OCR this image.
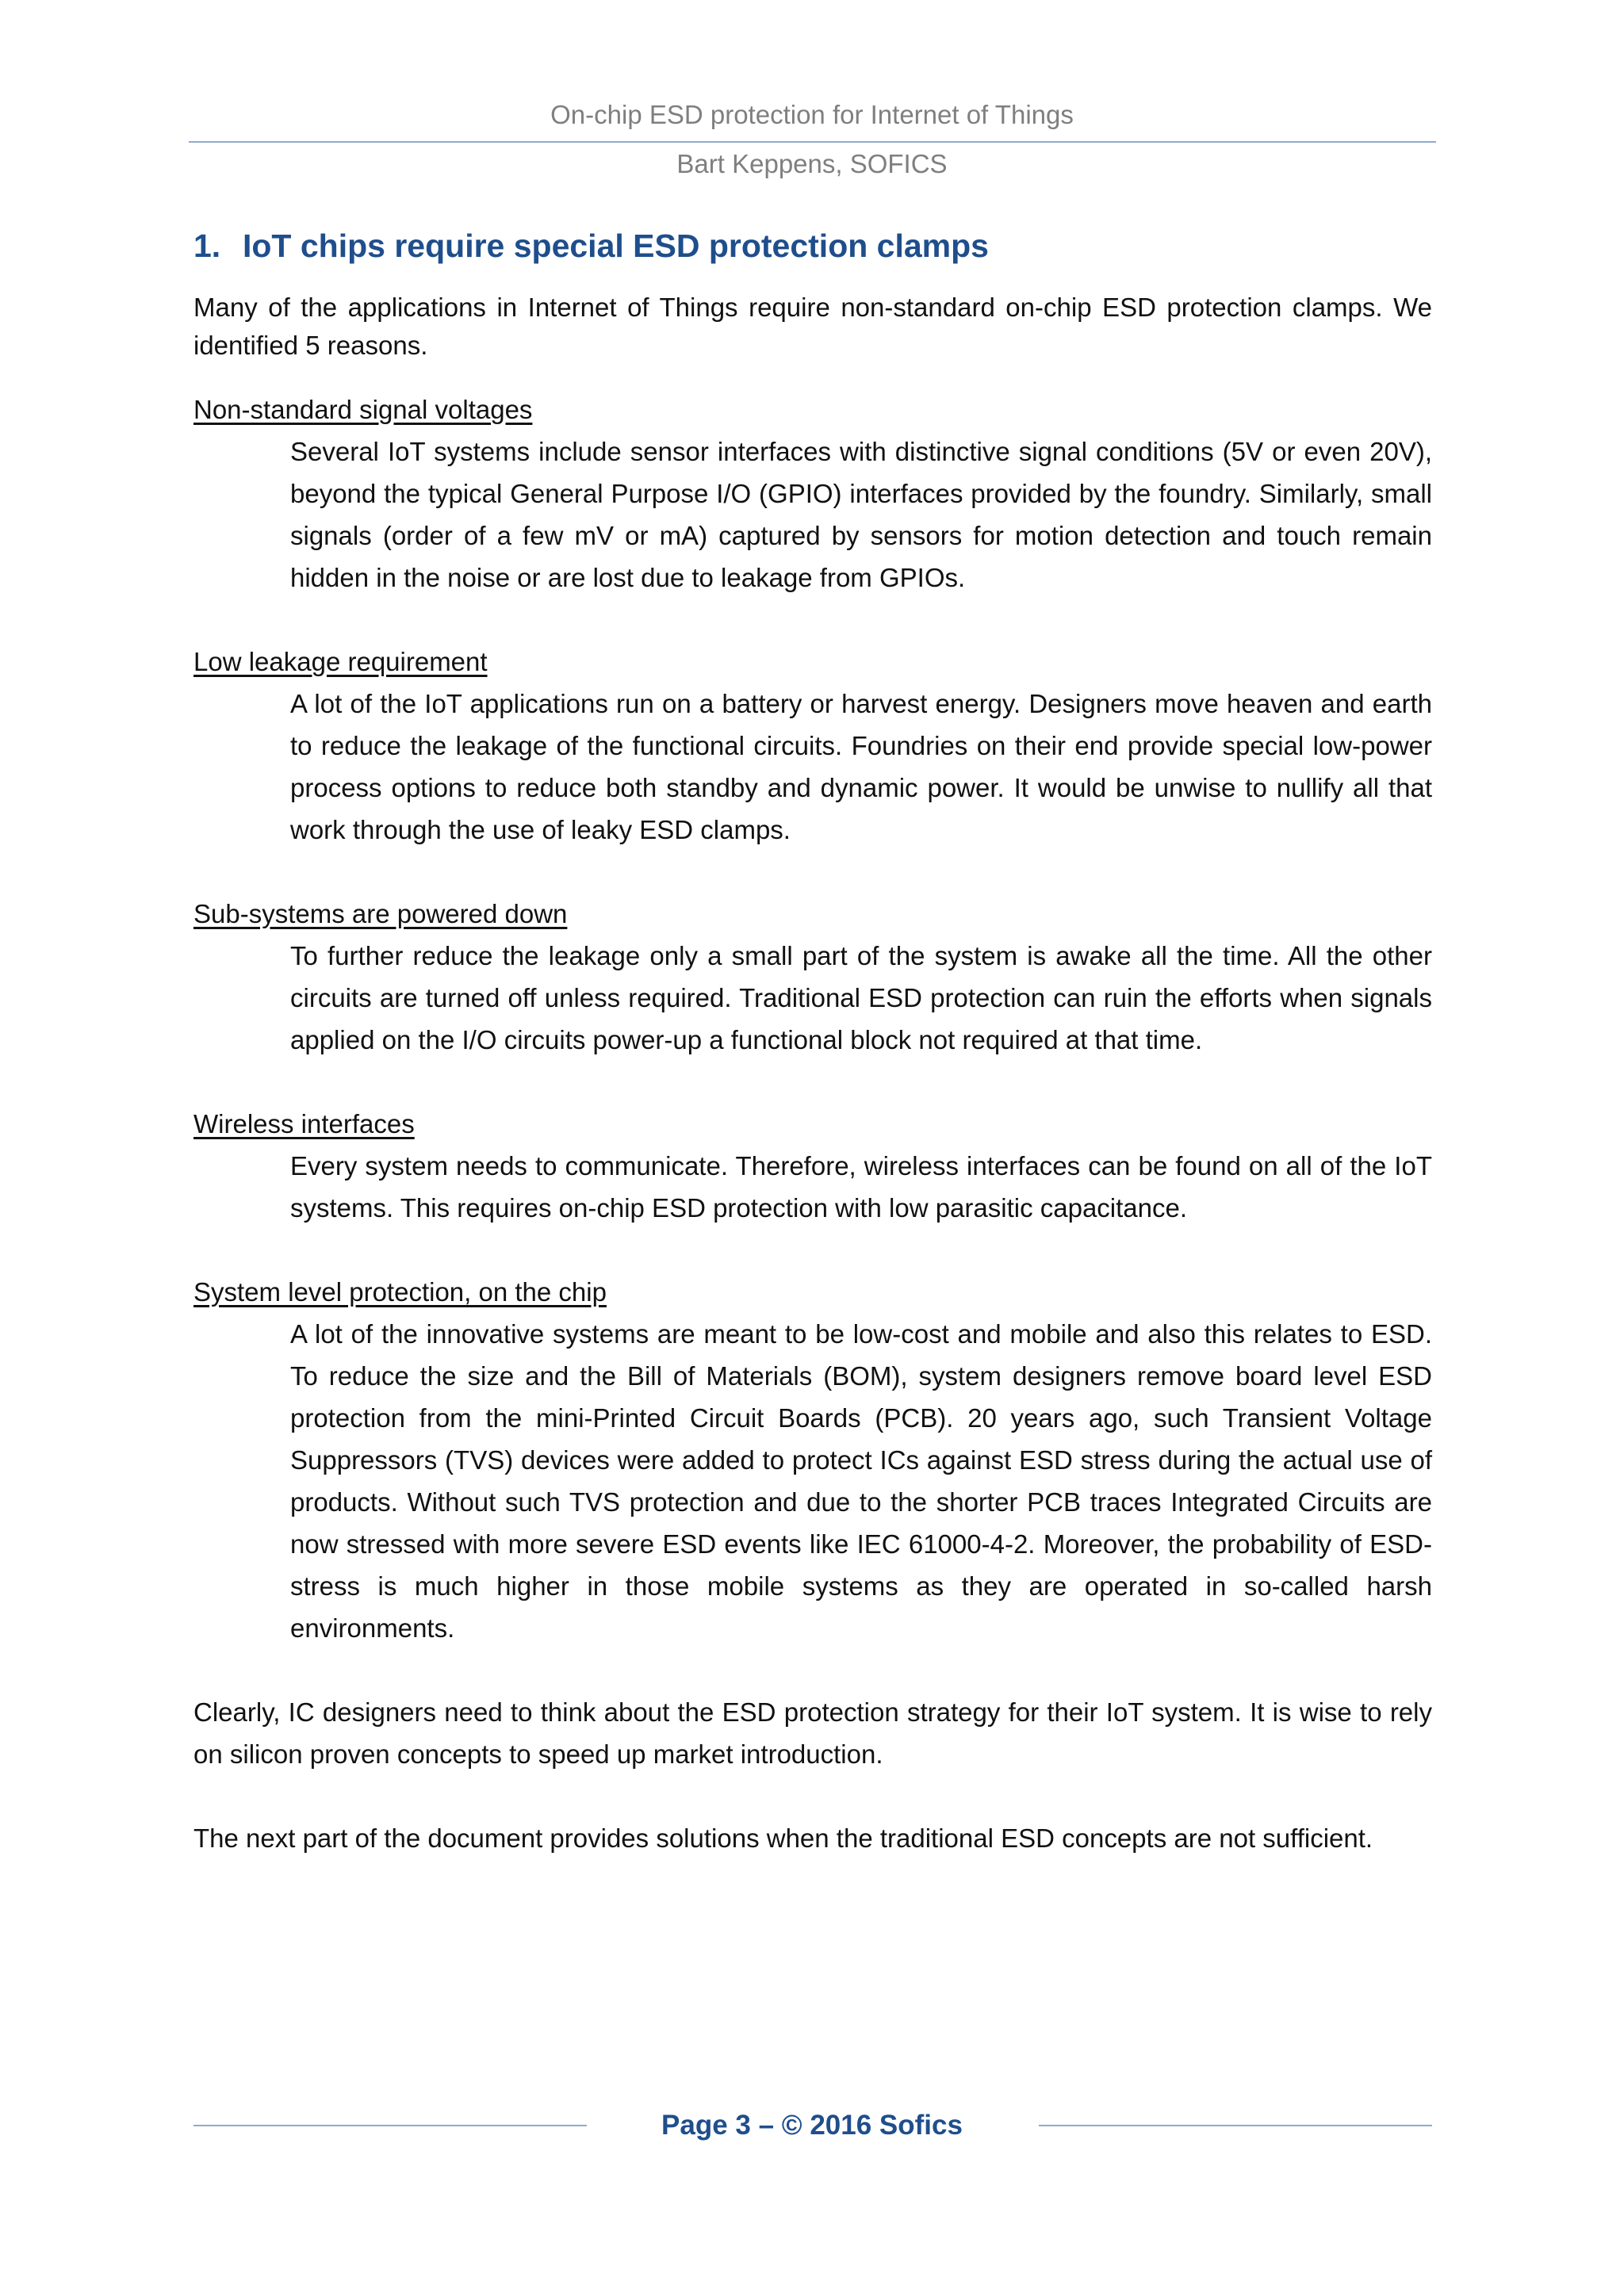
On-chip ESD protection for Internet of Things
Bart Keppens, SOFICS
1. IoT chips require special ESD protection clamps
Many of the applications in Internet of Things require non-standard on-chip ESD protection clamps. We identified 5 reasons.
Non-standard signal voltages
Several IoT systems include sensor interfaces with distinctive signal conditions (5V or even 20V), beyond the typical General Purpose I/O (GPIO) interfaces provided by the foundry. Similarly, small signals (order of a few mV or mA) captured by sensors for motion detection and touch remain hidden in the noise or are lost due to leakage from GPIOs.
Low leakage requirement
A lot of the IoT applications run on a battery or harvest energy. Designers move heaven and earth to reduce the leakage of the functional circuits. Foundries on their end provide special low-power process options to reduce both standby and dynamic power. It would be unwise to nullify all that work through the use of leaky ESD clamps.
Sub-systems are powered down
To further reduce the leakage only a small part of the system is awake all the time. All the other circuits are turned off unless required. Traditional ESD protection can ruin the efforts when signals applied on the I/O circuits power-up a functional block not required at that time.
Wireless interfaces
Every system needs to communicate. Therefore, wireless interfaces can be found on all of the IoT systems. This requires on-chip ESD protection with low parasitic capacitance.
System level protection, on the chip
A lot of the innovative systems are meant to be low-cost and mobile and also this relates to ESD. To reduce the size and the Bill of Materials (BOM), system designers remove board level ESD protection from the mini-Printed Circuit Boards (PCB). 20 years ago, such Transient Voltage Suppressors (TVS) devices were added to protect ICs against ESD stress during the actual use of products. Without such TVS protection and due to the shorter PCB traces Integrated Circuits are now stressed with more severe ESD events like IEC 61000-4-2. Moreover, the probability of ESD-stress is much higher in those mobile systems as they are operated in so-called harsh environments.
Clearly, IC designers need to think about the ESD protection strategy for their IoT system. It is wise to rely on silicon proven concepts to speed up market introduction.
The next part of the document provides solutions when the traditional ESD concepts are not sufficient.
Page 3 – © 2016 Sofics
